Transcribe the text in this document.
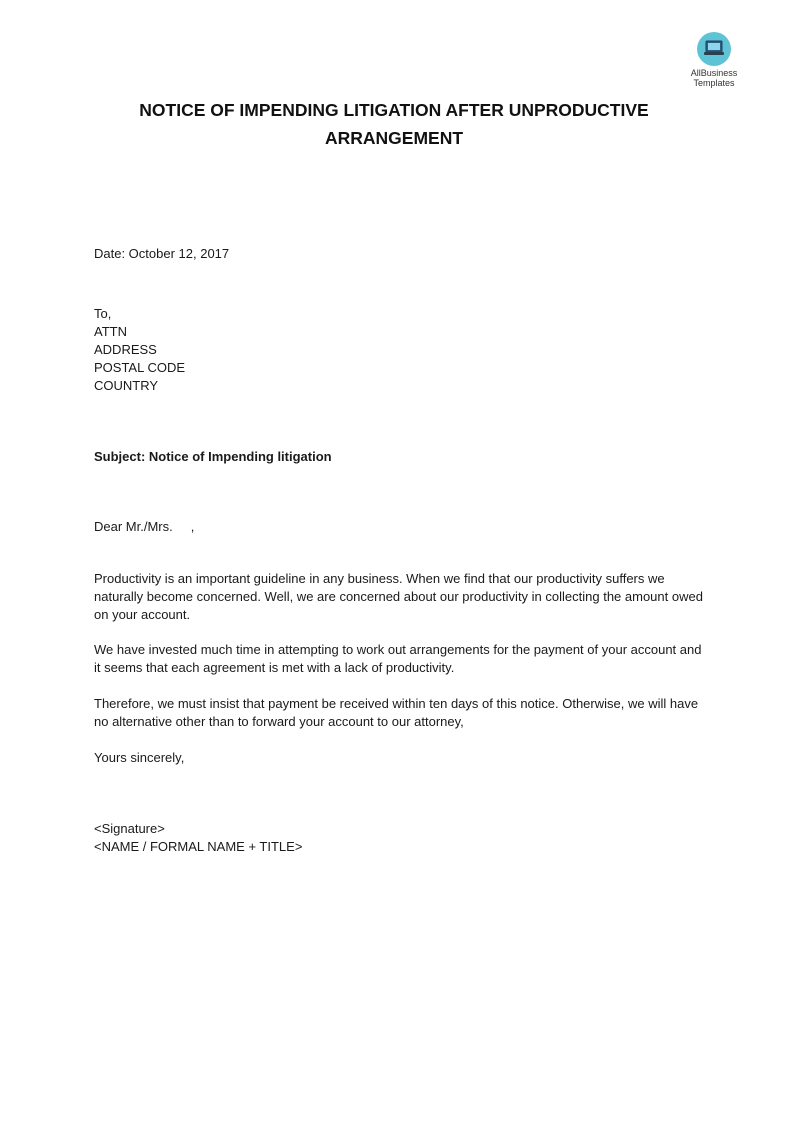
AllBusiness
Templates
NOTICE OF IMPENDING LITIGATION AFTER UNPRODUCTIVE
ARRANGEMENT
Date: October 12, 2017
To,
ATTN
ADDRESS
POSTAL CODE
COUNTRY
Subject: Notice of Impending litigation
Dear Mr./Mrs.     ,
Productivity is an important guideline in any business. When we find that our productivity suffers we naturally become concerned. Well, we are concerned about our productivity in collecting the amount owed on your account.
We have invested much time in attempting to work out arrangements for the payment of your account and it seems that each agreement is met with a lack of productivity.
Therefore, we must insist that payment be received within ten days of this notice. Otherwise, we will have no alternative other than to forward your account to our attorney,
Yours sincerely,
<Signature>
<NAME / FORMAL NAME + TITLE>
